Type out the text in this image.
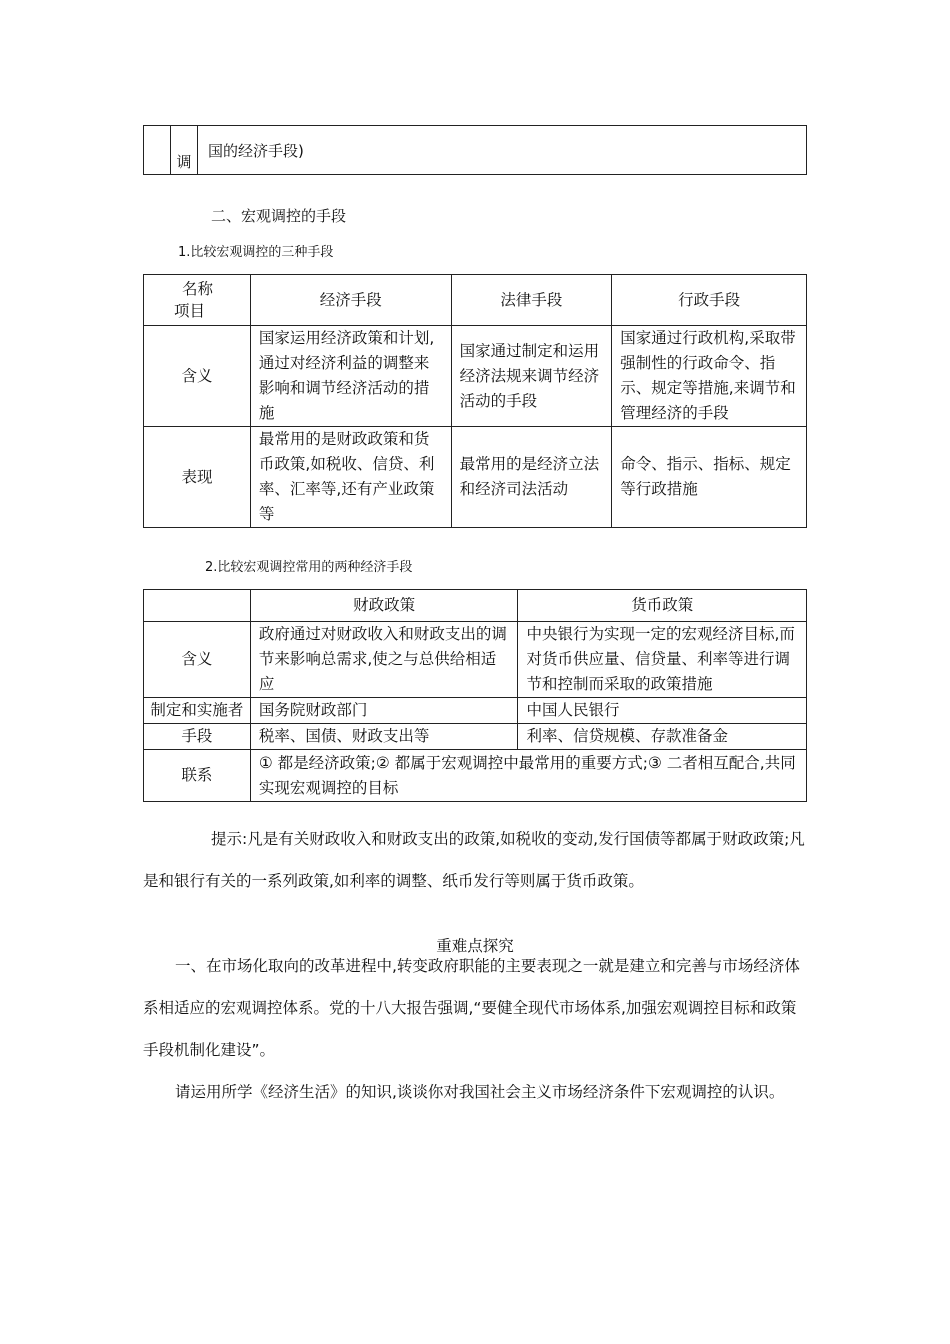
	调	国的经济手段)
二、宏观调控的手段
1.比较宏观调控的三种手段
名称
项目	经济手段	法律手段	行政手段
含义	国家运用经济政策和计划,通过对经济利益的调整来影响和调节经济活动的措施	国家通过制定和运用经济法规来调节经济活动的手段	国家通过行政机构,采取带强制性的行政命令、指示、规定等措施,来调节和管理经济的手段
表现	最常用的是财政政策和货币政策,如税收、信贷、利率、汇率等,还有产业政策等	最常用的是经济立法和经济司法活动	命令、指示、指标、规定等行政措施
2.比较宏观调控常用的两种经济手段
	财政政策	货币政策
含义	政府通过对财政收入和财政支出的调节来影响总需求,使之与总供给相适应	中央银行为实现一定的宏观经济目标,而对货币供应量、信贷量、利率等进行调节和控制而采取的政策措施
制定和实施者	国务院财政部门	中国人民银行
手段	税率、国债、财政支出等	利率、信贷规模、存款准备金
联系	① 都是经济政策;② 都属于宏观调控中最常用的重要方式;③ 二者相互配合,共同实现宏观调控的目标	
提示:凡是有关财政收入和财政支出的政策,如税收的变动,发行国债等都属于财政政策;凡是和银行有关的一系列政策,如利率的调整、纸币发行等则属于货币政策。
重难点探究
一、在市场化取向的改革进程中,转变政府职能的主要表现之一就是建立和完善与市场经济体系相适应的宏观调控体系。党的十八大报告强调,“要健全现代市场体系,加强宏观调控目标和政策手段机制化建设”。
请运用所学《经济生活》的知识,谈谈你对我国社会主义市场经济条件下宏观调控的认识。
